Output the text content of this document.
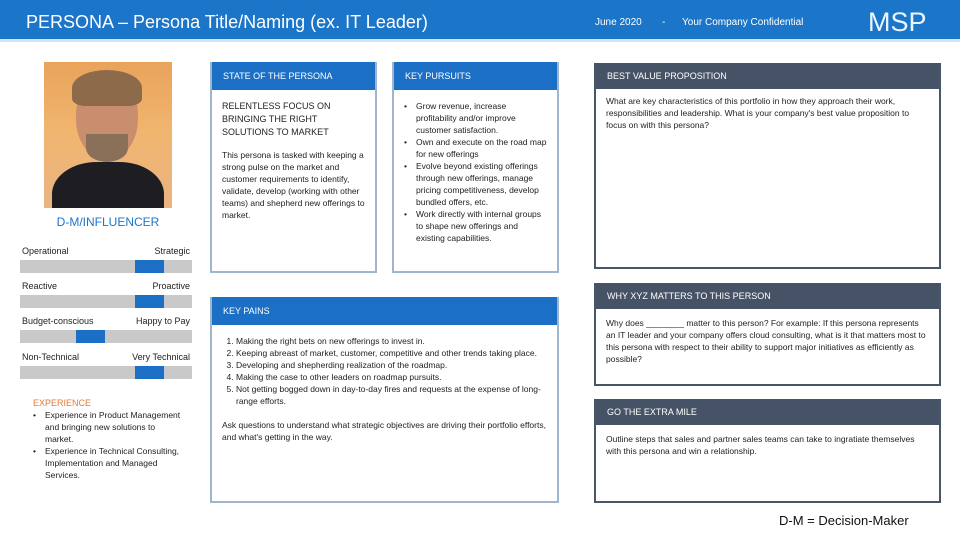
PERSONA – Persona Title/Naming (ex. IT Leader)	June 2020 - Your Company Confidential MSP
D-M/INFLUENCER
Operational	Strategic
Reactive	Proactive
Budget-conscious	Happy to Pay
Non-Technical	Very Technical
EXPERIENCE
• Experience in Product Management and bringing new solutions to market.
• Experience in Technical Consulting, Implementation and Managed Services.
STATE OF THE PERSONA
RELENTLESS FOCUS ON BRINGING THE RIGHT SOLUTIONS TO MARKET
This persona is tasked with keeping a strong pulse on the market and customer requirements to identify, validate, develop (working with other teams) and shepherd new offerings to market.
KEY PURSUITS
• Grow revenue, increase profitability and/or improve customer satisfaction.
• Own and execute on the road map for new offerings
• Evolve beyond existing offerings through new offerings, manage pricing competitiveness, develop bundled offers, etc.
• Work directly with internal groups to shape new offerings and existing capabilities.
KEY PAINS
1. Making the right bets on new offerings to invest in.
2. Keeping abreast of market, customer, competitive and other trends taking place.
3. Developing and shepherding realization of the roadmap.
4. Making the case to other leaders on roadmap pursuits.
5. Not getting bogged down in day-to-day fires and requests at the expense of long-range efforts.
Ask questions to understand what strategic objectives are driving their portfolio efforts, and what's getting in the way.
BEST VALUE PROPOSITION
What are key characteristics of this portfolio in how they approach their work, responsibilities and leadership. What is your company's best value proposition to focus on with this persona?
WHY XYZ MATTERS TO THIS PERSON
Why does ________ matter to this person? For example: If this persona represents an IT leader and your company offers cloud consulting, what is it that matters most to this persona with respect to their ability to support major initiatives as efficiently as possible?
GO THE EXTRA MILE
Outline steps that sales and partner sales teams can take to ingratiate themselves with this persona and win a relationship.
D-M = Decision-Maker
